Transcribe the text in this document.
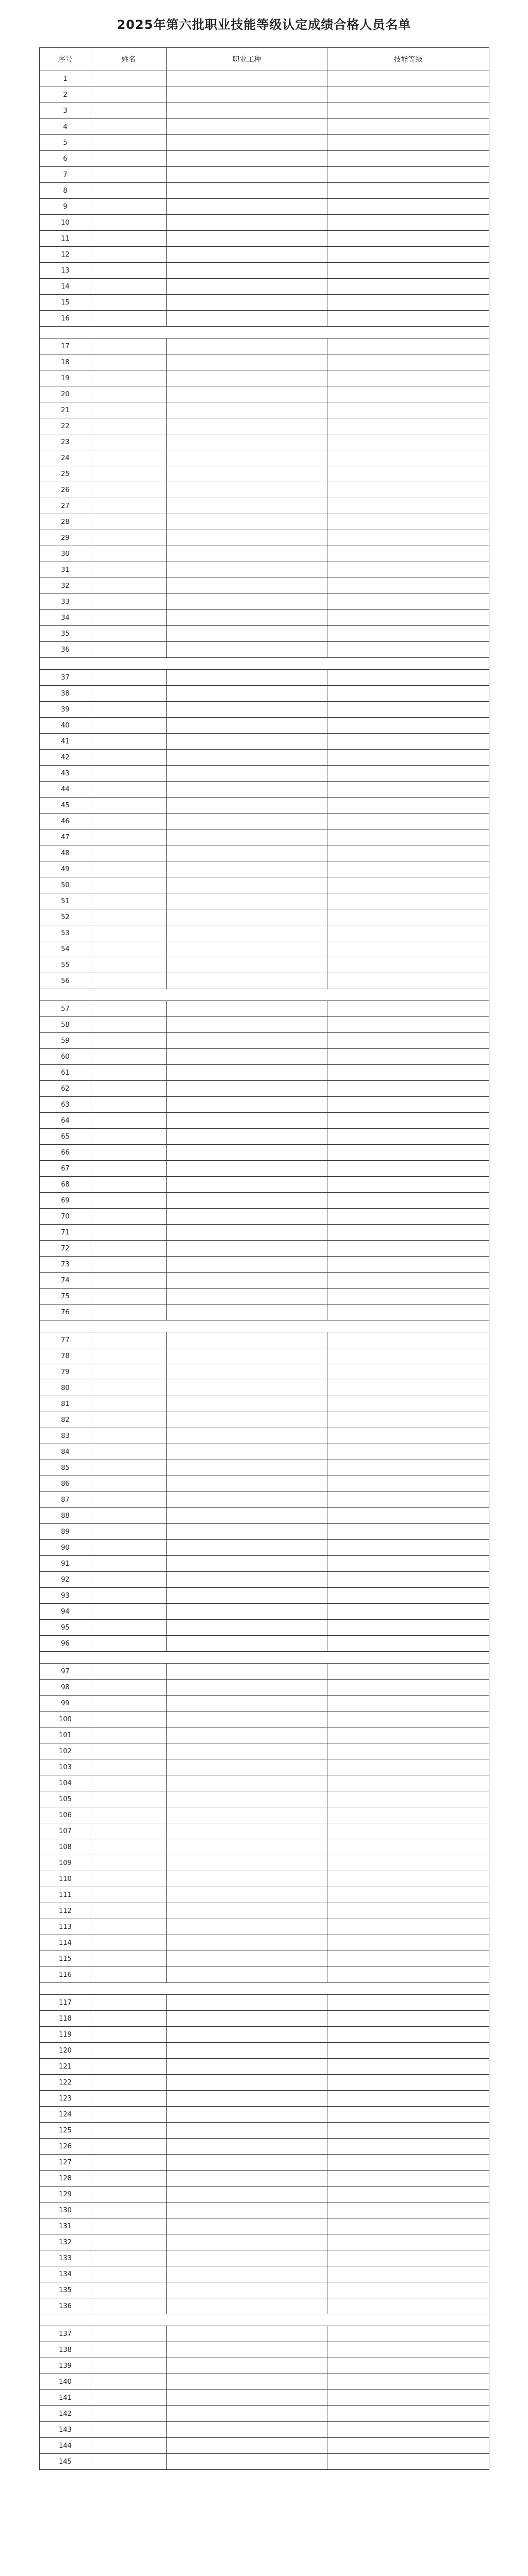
2025年第六批职业技能等级认定成绩合格人员名单
序号	姓名	职业工种	技能等级
1			
2			
3			
4			
5			
6			
7			
8			
9			
10			
11			
12			
13			
14			
15			
16			

17			
18			
19			
20			
21			
22			
23			
24			
25			
26			
27			
28			
29			
30			
31			
32			
33			
34			
35			
36			

37			
38			
39			
40			
41			
42			
43			
44			
45			
46			
47			
48			
49			
50			
51			
52			
53			
54			
55			
56			

57			
58			
59			
60			
61			
62			
63			
64			
65			
66			
67			
68			
69			
70			
71			
72			
73			
74			
75			
76			

77			
78			
79			
80			
81			
82			
83			
84			
85			
86			
87			
88			
89			
90			
91			
92			
93			
94			
95			
96			

97			
98			
99			
100			
101			
102			
103			
104			
105			
106			
107			
108			
109			
110			
111			
112			
113			
114			
115			
116			

117			
118			
119			
120			
121			
122			
123			
124			
125			
126			
127			
128			
129			
130			
131			
132			
133			
134			
135			
136			

137			
138			
139			
140			
141			
142			
143			
144			
145			
